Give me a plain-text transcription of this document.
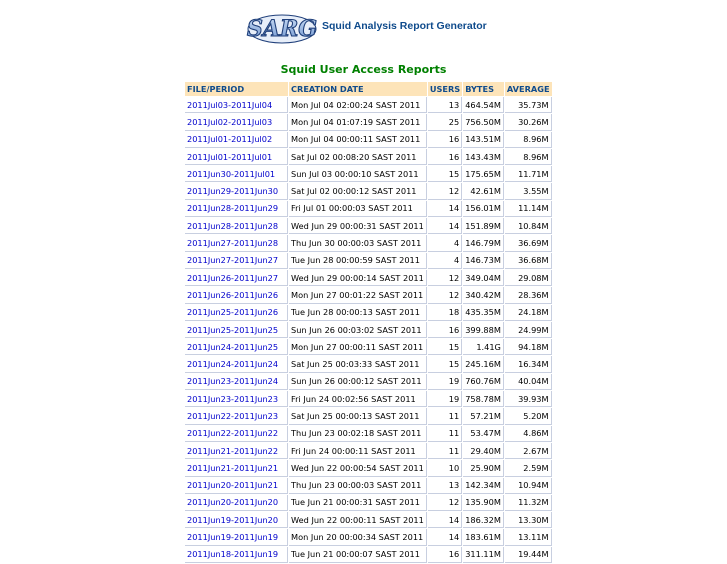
SARG Squid Analysis Report Generator
Squid User Access Reports
FILE/PERIOD	CREATION DATE	USERS	BYTES	AVERAGE
2011Jul03-2011Jul04	Mon Jul 04 02:00:24 SAST 2011	13	464.54M	35.73M
2011Jul02-2011Jul03	Mon Jul 04 01:07:19 SAST 2011	25	756.50M	30.26M
2011Jul01-2011Jul02	Mon Jul 04 00:00:11 SAST 2011	16	143.51M	8.96M
2011Jul01-2011Jul01	Sat Jul 02 00:08:20 SAST 2011	16	143.43M	8.96M
2011Jun30-2011Jul01	Sun Jul 03 00:00:10 SAST 2011	15	175.65M	11.71M
2011Jun29-2011Jun30	Sat Jul 02 00:00:12 SAST 2011	12	42.61M	3.55M
2011Jun28-2011Jun29	Fri Jul 01 00:00:03 SAST 2011	14	156.01M	11.14M
2011Jun28-2011Jun28	Wed Jun 29 00:00:31 SAST 2011	14	151.89M	10.84M
2011Jun27-2011Jun28	Thu Jun 30 00:00:03 SAST 2011	4	146.79M	36.69M
2011Jun27-2011Jun27	Tue Jun 28 00:00:59 SAST 2011	4	146.73M	36.68M
2011Jun26-2011Jun27	Wed Jun 29 00:00:14 SAST 2011	12	349.04M	29.08M
2011Jun26-2011Jun26	Mon Jun 27 00:01:22 SAST 2011	12	340.42M	28.36M
2011Jun25-2011Jun26	Tue Jun 28 00:00:13 SAST 2011	18	435.35M	24.18M
2011Jun25-2011Jun25	Sun Jun 26 00:03:02 SAST 2011	16	399.88M	24.99M
2011Jun24-2011Jun25	Mon Jun 27 00:00:11 SAST 2011	15	1.41G	94.18M
2011Jun24-2011Jun24	Sat Jun 25 00:03:33 SAST 2011	15	245.16M	16.34M
2011Jun23-2011Jun24	Sun Jun 26 00:00:12 SAST 2011	19	760.76M	40.04M
2011Jun23-2011Jun23	Fri Jun 24 00:02:56 SAST 2011	19	758.78M	39.93M
2011Jun22-2011Jun23	Sat Jun 25 00:00:13 SAST 2011	11	57.21M	5.20M
2011Jun22-2011Jun22	Thu Jun 23 00:02:18 SAST 2011	11	53.47M	4.86M
2011Jun21-2011Jun22	Fri Jun 24 00:00:11 SAST 2011	11	29.40M	2.67M
2011Jun21-2011Jun21	Wed Jun 22 00:00:54 SAST 2011	10	25.90M	2.59M
2011Jun20-2011Jun21	Thu Jun 23 00:00:03 SAST 2011	13	142.34M	10.94M
2011Jun20-2011Jun20	Tue Jun 21 00:00:31 SAST 2011	12	135.90M	11.32M
2011Jun19-2011Jun20	Wed Jun 22 00:00:11 SAST 2011	14	186.32M	13.30M
2011Jun19-2011Jun19	Mon Jun 20 00:00:34 SAST 2011	14	183.61M	13.11M
2011Jun18-2011Jun19	Tue Jun 21 00:00:07 SAST 2011	16	311.11M	19.44M
